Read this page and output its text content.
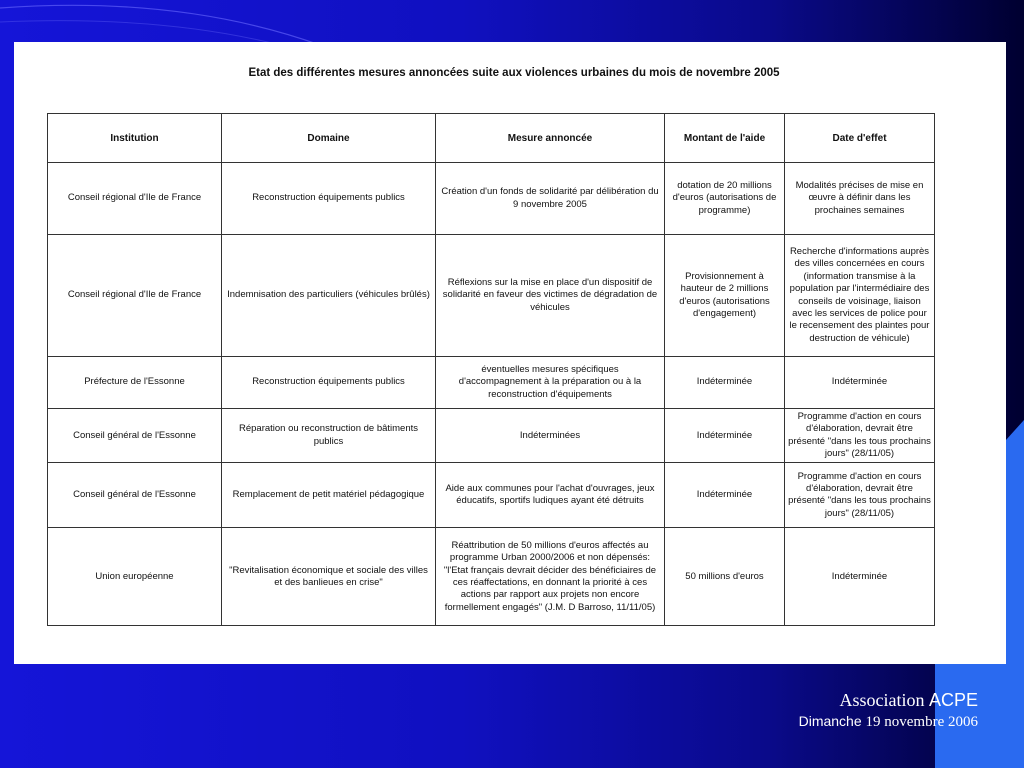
Etat des différentes mesures annoncées suite aux violences urbaines du mois de novembre 2005
Institution	Domaine	Mesure annoncée	Montant de l'aide	Date d'effet
Conseil régional d'Ile de France	Reconstruction équipements publics	Création d'un fonds de solidarité par délibération du 9 novembre 2005	dotation de 20 millions d'euros (autorisations de programme)	Modalités précises de mise en œuvre à définir dans les prochaines semaines
Conseil régional d'Ile de France	Indemnisation des particuliers (véhicules brûlés)	Réflexions sur la mise en place d'un dispositif de solidarité en faveur des victimes de dégradation de véhicules	Provisionnement à hauteur de 2 millions d'euros (autorisations d'engagement)	Recherche d'informations auprès des villes concernées en cours (information transmise à la population par l'intermédiaire des conseils de voisinage, liaison avec les services de police pour le recensement des plaintes pour destruction de véhicule)
Préfecture de l'Essonne	Reconstruction équipements publics	éventuelles mesures spécifiques d'accompagnement à la préparation ou à la reconstruction d'équipements	Indéterminée	Indéterminée
Conseil général de l'Essonne	Réparation ou reconstruction de bâtiments publics	Indéterminées	Indéterminée	Programme d'action en cours d'élaboration, devrait être présenté "dans les tous prochains jours" (28/11/05)
Conseil général de l'Essonne	Remplacement de petit matériel pédagogique	Aide aux communes pour l'achat d'ouvrages, jeux éducatifs, sportifs ludiques ayant été détruits	Indéterminée	Programme d'action en cours d'élaboration, devrait être présenté "dans les tous prochains jours" (28/11/05)
Union européenne	"Revitalisation économique et sociale des villes et des banlieues en crise"	Réattribution de 50 millions d'euros affectés au programme Urban 2000/2006 et non dépensés: "l'Etat français devrait décider des bénéficiaires de ces réaffectations, en donnant la priorité à ces actions par rapport aux projets non encore formellement engagés" (J.M. D Barroso, 11/11/05)	50 millions d'euros	Indéterminée
Association ACPE
Dimanche 19 novembre 2006
